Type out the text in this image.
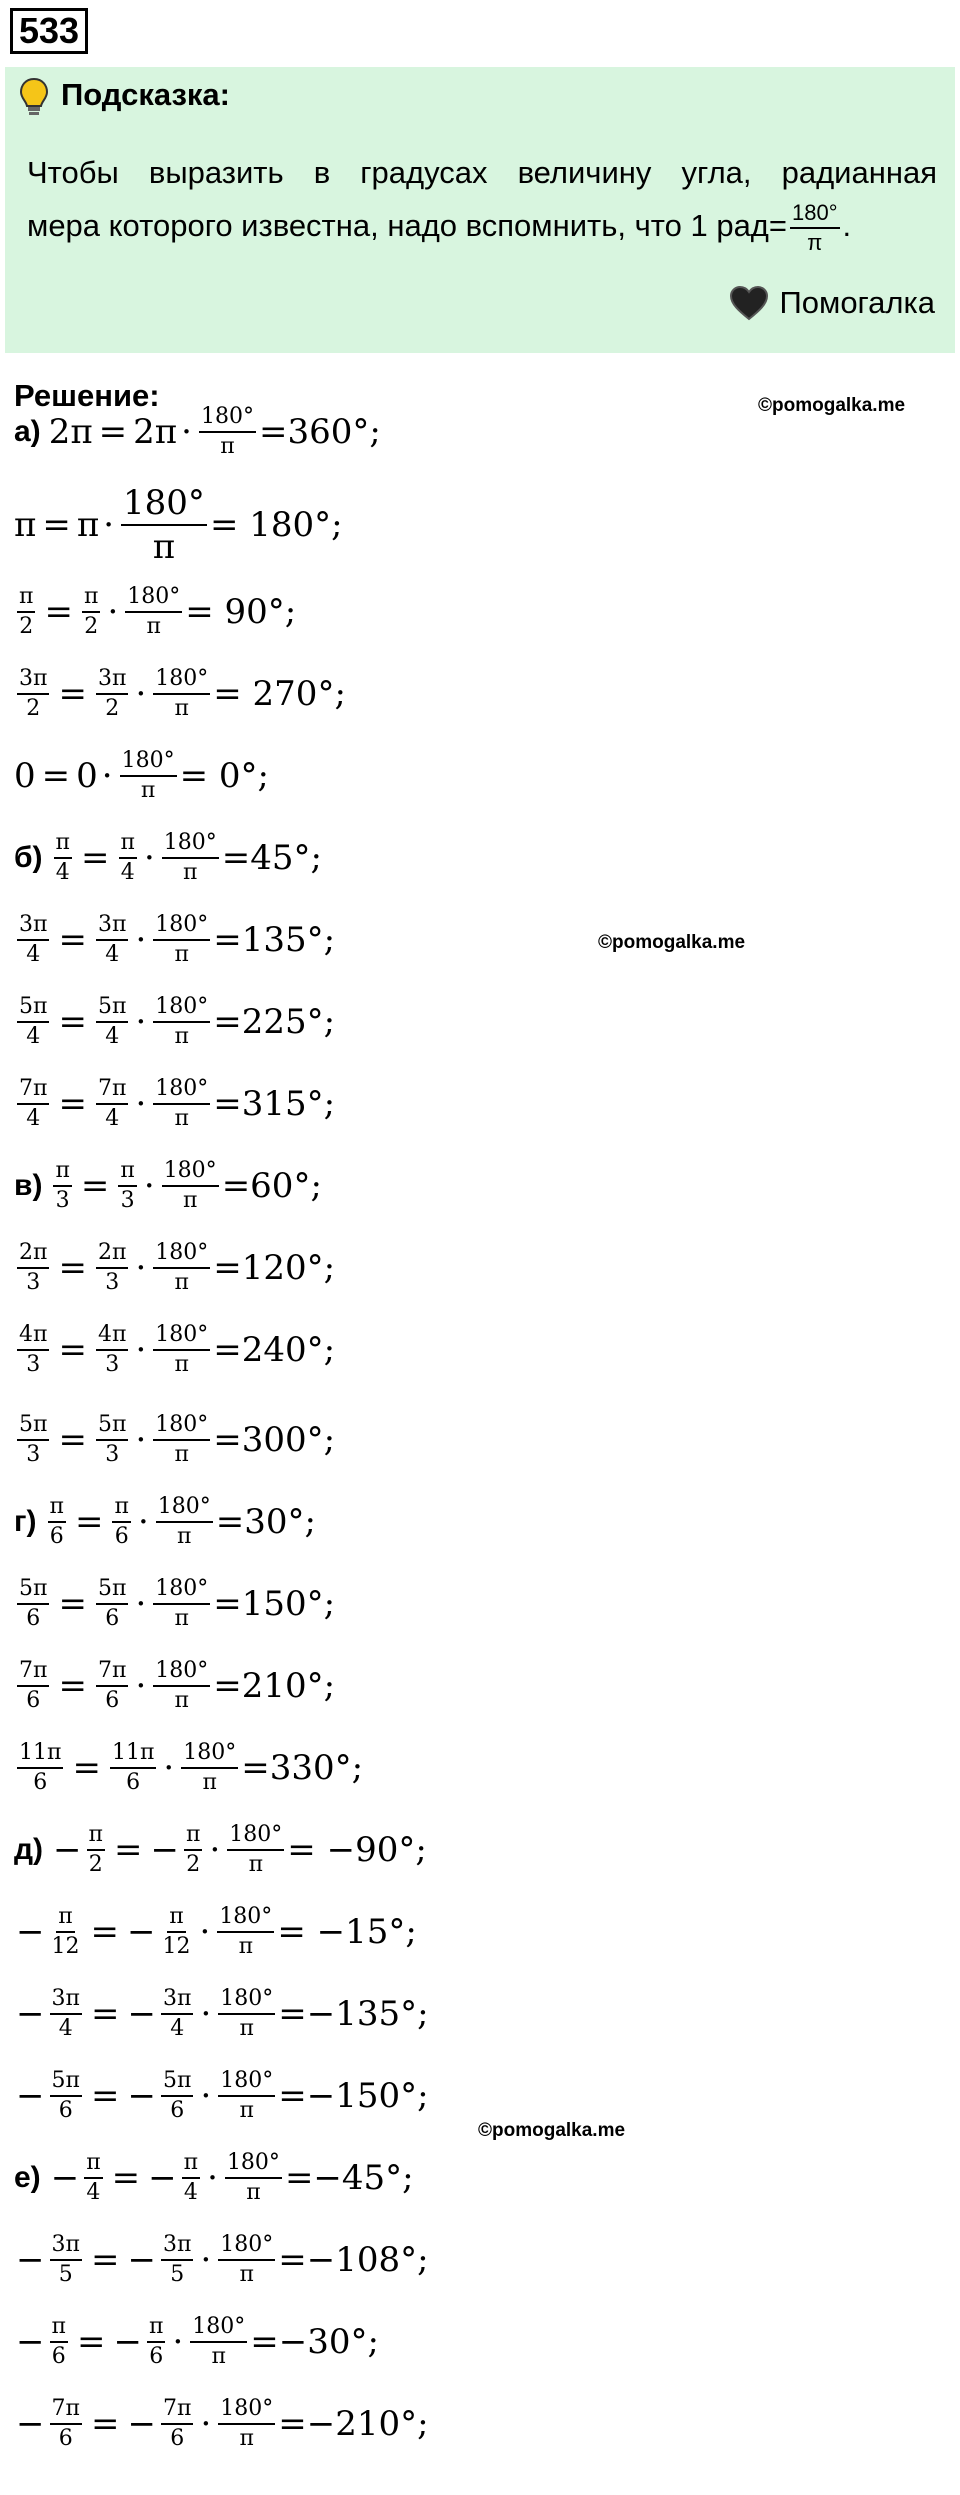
533
Подсказка:
Чтобы выразить в градусах величину угла, радианная
мера которого известна, надо вспомнить, что 1 $рад= \frac{180^\circ}{\pi}$ .
Помогалка
Решение:	©pomogalka.me
©pomogalka.me
©pomogalka.me
а) $2\pi = 2\pi \cdot \frac{180^\circ}{\pi} =360^\circ$;
$\pi = \pi \cdot \frac{180^\circ}{\pi} = 180^\circ$;
$\frac{\pi}{2} = \frac{\pi}{2} \cdot \frac{180^\circ}{\pi} = 90^\circ$;
$\frac{3\pi}{2} = \frac{3\pi}{2} \cdot \frac{180^\circ}{\pi} = 270^\circ$;
$0 = 0 \cdot \frac{180^\circ}{\pi} = 0^\circ$;
$б) \frac{\pi}{4} = \frac{\pi}{4} \cdot \frac{180^\circ}{\pi} =45^\circ$;
$\frac{3\pi}{4} = \frac{3\pi}{4} \cdot \frac{180^\circ}{\pi} =135^\circ$;
$\frac{5\pi}{4} = \frac{5\pi}{4} \cdot \frac{180^\circ}{\pi} =225^\circ$;
$\frac{7\pi}{4} = \frac{7\pi}{4} \cdot \frac{180^\circ}{\pi} =315^\circ$;
$в) \frac{\pi}{3} = \frac{\pi}{3} \cdot \frac{180^\circ}{\pi} =60^\circ$;
$\frac{2\pi}{3} = \frac{2\pi}{3} \cdot \frac{180^\circ}{\pi} =120^\circ$;
$\frac{4\pi}{3} = \frac{4\pi}{3} \cdot \frac{180^\circ}{\pi} =240^\circ$;
$\frac{5\pi}{3} = \frac{5\pi}{3} \cdot \frac{180^\circ}{\pi} =300^\circ$;
$г) \frac{\pi}{6} = \frac{\pi}{6} \cdot \frac{180^\circ}{\pi} =30^\circ$;
$\frac{5\pi}{6} = \frac{5\pi}{6} \cdot \frac{180^\circ}{\pi} =150^\circ$;
$\frac{7\pi}{6} = \frac{7\pi}{6} \cdot \frac{180^\circ}{\pi} =210^\circ$;
$\frac{11\pi}{6} = \frac{11\pi}{6} \cdot \frac{180^\circ}{\pi} =330^\circ$;
$д) - \frac{\pi}{2}$ = − $\frac{\pi}{2} \cdot \frac{180^\circ}{\pi} = -90^\circ$;
− $\frac{\pi}{12}$ = − $\frac{\pi}{12} \cdot \frac{180^\circ}{\pi} = -15^\circ$;
− $\frac{3\pi}{4}$ = − $\frac{3\pi}{4} \cdot \frac{180^\circ}{\pi} =-135^\circ$;
− $\frac{5\pi}{6}$ = − $\frac{5\pi}{6} \cdot \frac{180^\circ}{\pi} =-150^\circ$;
$е) - \frac{\pi}{4}$ = − $\frac{\pi}{4} \cdot \frac{180^\circ}{\pi} =-45^\circ$;
− $\frac{3\pi}{5}$ = − $\frac{3\pi}{5} \cdot \frac{180^\circ}{\pi} =-108^\circ$;
− $\frac{\pi}{6}$ = − $\frac{\pi}{6} \cdot \frac{180^\circ}{\pi} =-30^\circ$;
− $\frac{7\pi}{6}$ = − $\frac{7\pi}{6} \cdot \frac{180^\circ}{\pi} =-210^\circ$;
